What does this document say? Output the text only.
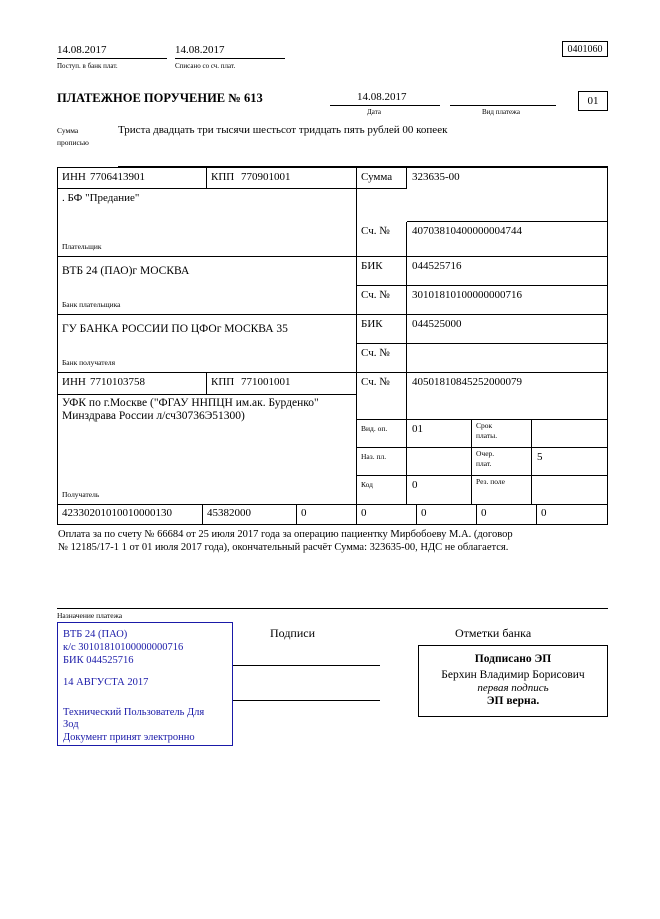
14.08.2017
Поступ. в банк плат.
14.08.2017
Списано со сч. плат.
0401060
ПЛАТЕЖНОЕ ПОРУЧЕНИЕ № 613	14.08.2017
Дата	Вид платежа
01
Сумма
прописью
Триста двадцать три тысячи шестьсот тридцать пять рублей 00 копеек
ИНН 7706413901	КПП 770901001	Сумма 323635-00
. БФ "Предание"
Плательщик
Сч. № 40703810400000004744
ВТБ 24 (ПАО)г МОСКВА
Банк плательщика
БИК	044525716
Сч. № 30101810100000000716
ГУ БАНКА РОССИИ ПО ЦФОг МОСКВА 35
Банк получателя
БИК	044525000
Сч. №
ИНН 7710103758	КПП 771001001	Сч. № 40501810845252000079
УФК по г.Москве ("ФГАУ ННПЦН им.ак. Бурденко"
Минздрава России л/сч30736Э51300)
Получатель
Вид. оп. 01	Срок
платы.
Наз. пл.	Очер.
плат.
5
Код	0	Рез. поле
42330201010010000130	45382000	0	0	0	0	0
Оплата за по счету № 66684 от 25 июля 2017 года за операцию пациентку Мирбобоеву М.А. (договор
№ 12185/17-1 1 от 01 июля 2017 года), окончательный расчёт Сумма: 323635-00, НДС не облагается.
Назначение платежа
Подписи	Отметки банка
ВТБ 24 (ПАО)
к/с 30101810100000000716
БИК 044525716
14 АВГУСТА 2017
Технический Пользователь Для
Зод
Документ принят электронно
Подписано ЭП
Берхин Владимир Борисович
первая подпись
ЭП верна.
